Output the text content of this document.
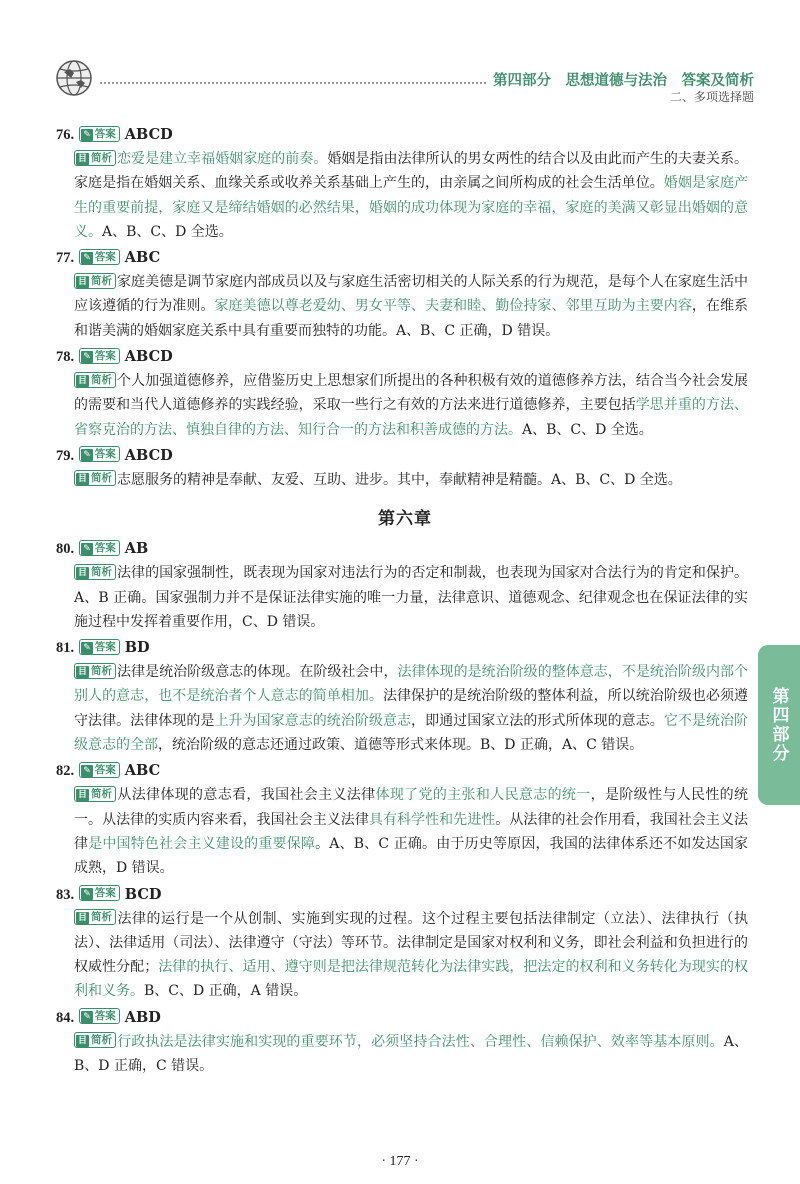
第四部分　思想道德与法治　答案及简析
二、多项选择题
76. ✎ 答案 ABCD
目 简析 恋爱是建立幸福婚姻家庭的前奏。婚姻是指由法律所认的男女两性的结合以及由此而产生的夫妻关系。家庭是指在婚姻关系、血缘关系或收养关系基础上产生的，由亲属之间所构成的社会生活单位。婚姻是家庭产生的重要前提，家庭又是缔结婚姻的必然结果，婚姻的成功体现为家庭的幸福，家庭的美满又彰显出婚姻的意义。A、B、C、D 全选。
77. ✎ 答案 ABC
目 简析 家庭美德是调节家庭内部成员以及与家庭生活密切相关的人际关系的行为规范，是每个人在家庭生活中应该遵循的行为准则。家庭美德以尊老爱幼、男女平等、夫妻和睦、勤俭持家、邻里互助为主要内容，在维系和谐美满的婚姻家庭关系中具有重要而独特的功能。A、B、C 正确，D 错误。
78. ✎ 答案 ABCD
目 简析 个人加强道德修养，应借鉴历史上思想家们所提出的各种积极有效的道德修养方法，结合当今社会发展的需要和当代人道德修养的实践经验，采取一些行之有效的方法来进行道德修养，主要包括学思并重的方法、省察克治的方法、慎独自律的方法、知行合一的方法和积善成德的方法。A、B、C、D 全选。
79. ✎ 答案 ABCD
目 简析 志愿服务的精神是奉献、友爱、互助、进步。其中，奉献精神是精髓。A、B、C、D 全选。
第六章
80. ✎ 答案 AB
目 简析 法律的国家强制性，既表现为国家对违法行为的否定和制裁，也表现为国家对合法行为的肯定和保护。A、B 正确。国家强制力并不是保证法律实施的唯一力量，法律意识、道德观念、纪律观念也在保证法律的实施过程中发挥着重要作用，C、D 错误。
81. ✎ 答案 BD
目 简析 法律是统治阶级意志的体现。在阶级社会中，法律体现的是统治阶级的整体意志，不是统治阶级内部个别人的意志，也不是统治者个人意志的简单相加。法律保护的是统治阶级的整体利益，所以统治阶级也必须遵守法律。法律体现的是上升为国家意志的统治阶级意志，即通过国家立法的形式所体现的意志。它不是统治阶级意志的全部，统治阶级的意志还通过政策、道德等形式来体现。B、D 正确，A、C 错误。
82. ✎ 答案 ABC
目 简析 从法律体现的意志看，我国社会主义法律体现了党的主张和人民意志的统一，是阶级性与人民性的统一。从法律的实质内容来看，我国社会主义法律具有科学性和先进性。从法律的社会作用看，我国社会主义法律是中国特色社会主义建设的重要保障。A、B、C 正确。由于历史等原因，我国的法律体系还不如发达国家成熟，D 错误。
83. ✎ 答案 BCD
目 简析 法律的运行是一个从创制、实施到实现的过程。这个过程主要包括法律制定（立法）、法律执行（执法）、法律适用（司法）、法律遵守（守法）等环节。法律制定是国家对权利和义务，即社会利益和负担进行的权威性分配；法律的执行、适用、遵守则是把法律规范转化为法律实践，把法定的权利和义务转化为现实的权利和义务。B、C、D 正确，A 错误。
84. ✎ 答案 ABD
目 简析 行政执法是法律实施和实现的重要环节，必须坚持合法性、合理性、信赖保护、效率等基本原则。A、B、D 正确，C 错误。
第四部分
· 177 ·
